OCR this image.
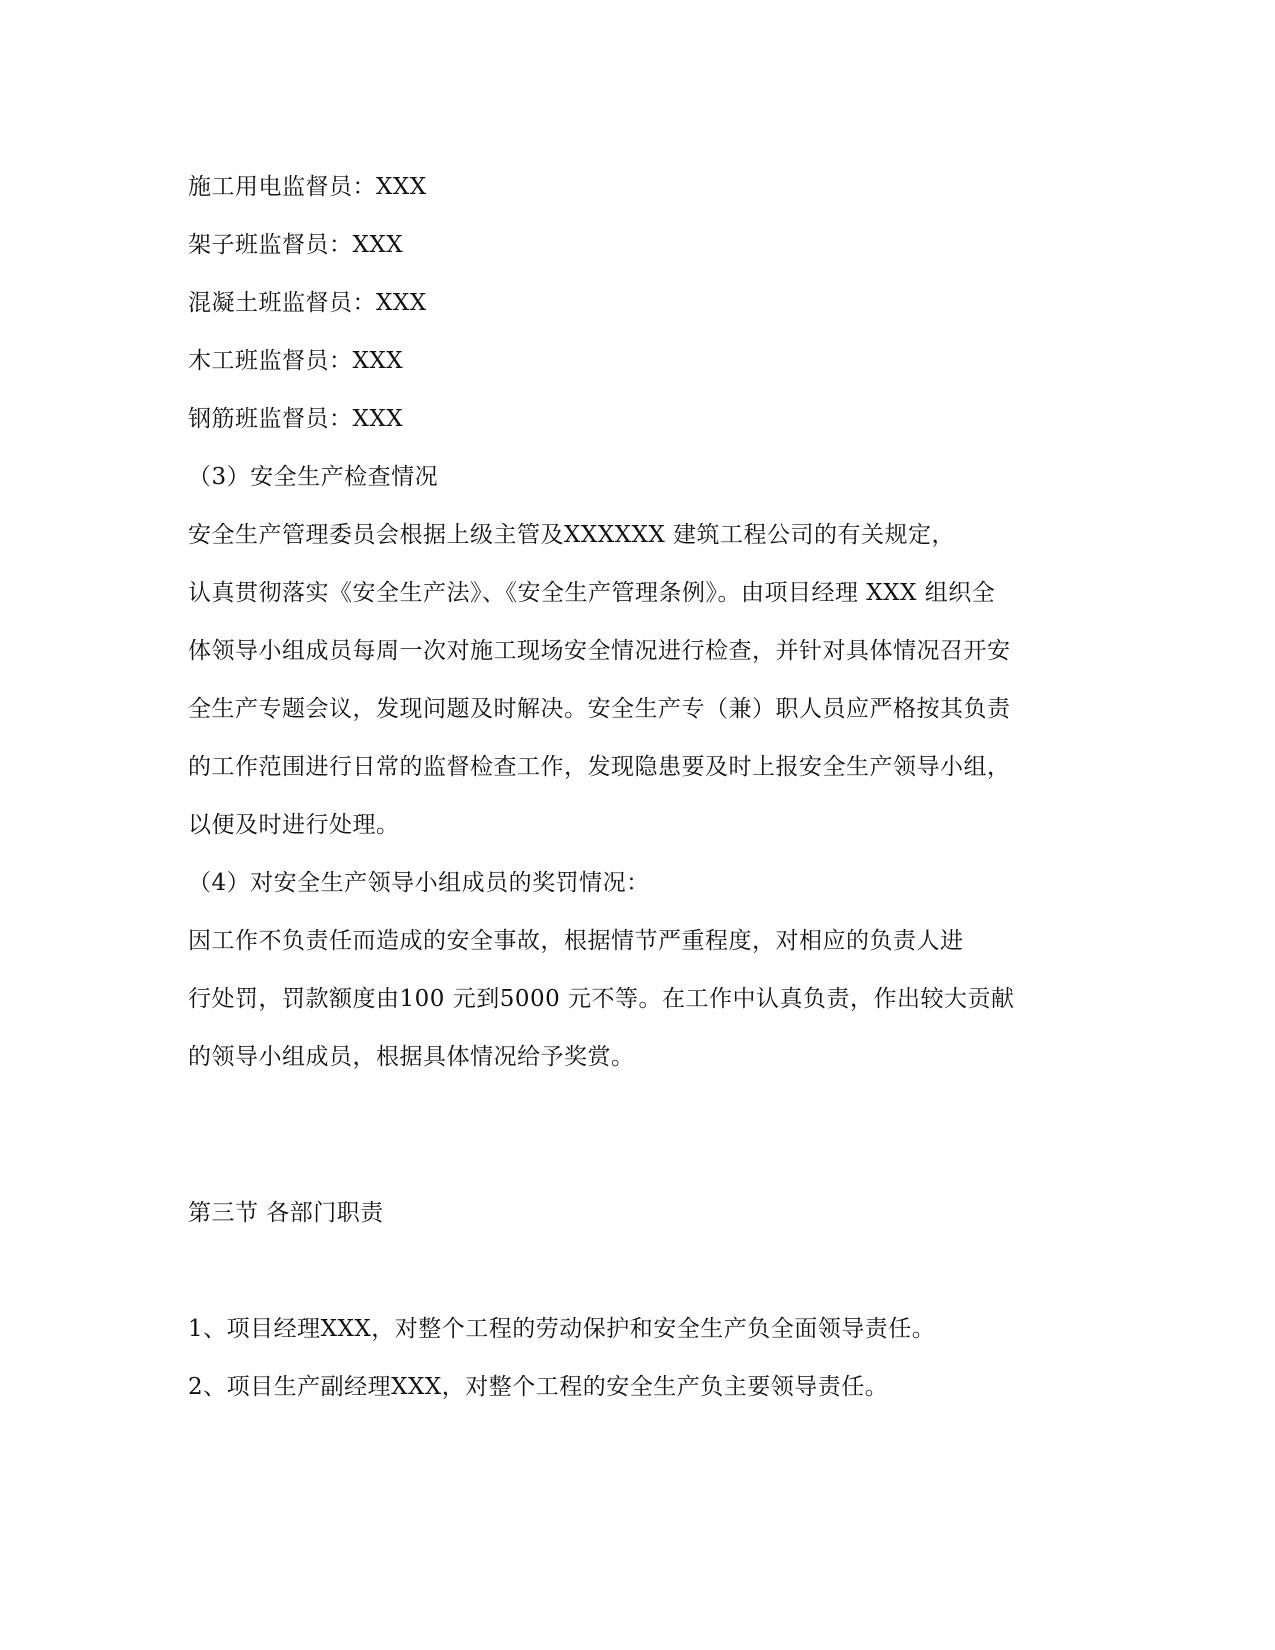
施工用电监督员：XXX

架子班监督员：XXX

混凝土班监督员：XXX

木工班监督员：XXX

钢筋班监督员：XXX

（3）安全生产检查情况

安全生产管理委员会根据上级主管及XXXXXX 建筑工程公司的有关规定，

认真贯彻落实《安全生产法》、《安全生产管理条例》。由项目经理 XXX 组织全

体领导小组成员每周一次对施工现场安全情况进行检查，并针对具体情况召开安

全生产专题会议，发现问题及时解决。安全生产专（兼）职人员应严格按其负责

的工作范围进行日常的监督检查工作，发现隐患要及时上报安全生产领导小组，

以便及时进行处理。

（4）对安全生产领导小组成员的奖罚情况：

因工作不负责任而造成的安全事故，根据情节严重程度，对相应的负责人进

行处罚，罚款额度由100 元到5000 元不等。在工作中认真负责，作出较大贡献

的领导小组成员，根据具体情况给予奖赏。

第三节 各部门职责

1、项目经理XXX，对整个工程的劳动保护和安全生产负全面领导责任。

2、项目生产副经理XXX，对整个工程的安全生产负主要领导责任。
